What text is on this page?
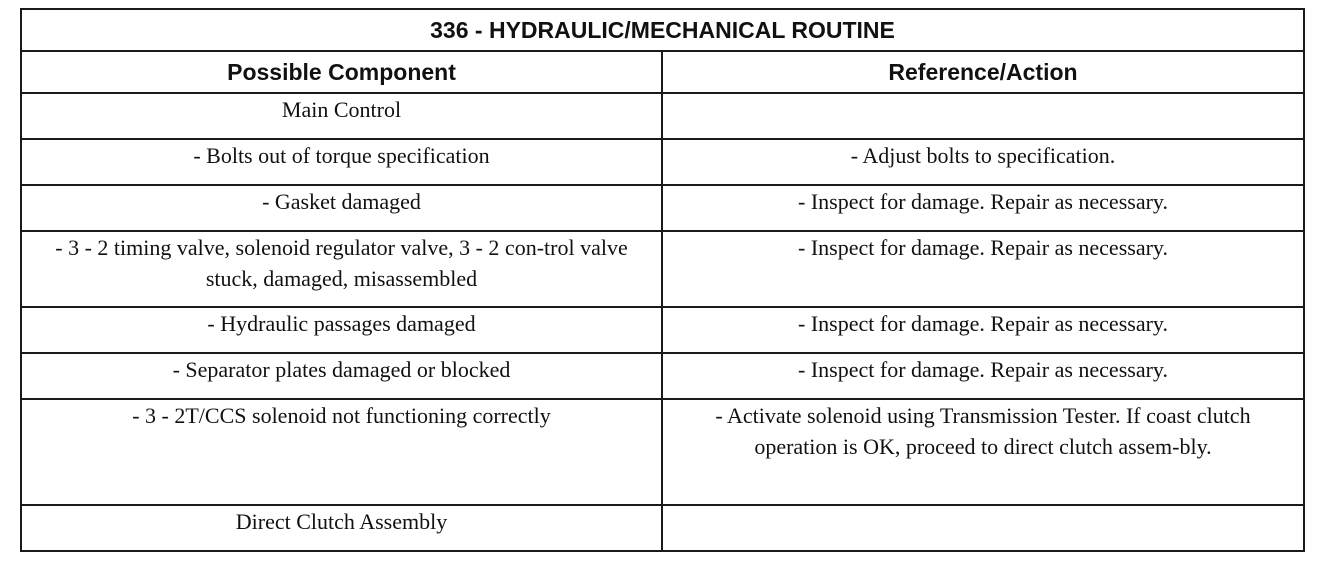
336 - HYDRAULIC/MECHANICAL ROUTINE	
Possible Component	Reference/Action

Main Control	

- Bolts out of torque specification	- Adjust bolts to specification.

- Gasket damaged	- Inspect for damage. Repair as necessary.

- 3 - 2 timing valve, solenoid regulator valve, 3 - 2 con-trol valve stuck, damaged, misassembled	- Inspect for damage. Repair as necessary.

- Hydraulic passages damaged	- Inspect for damage. Repair as necessary.

- Separator plates damaged or blocked	- Inspect for damage. Repair as necessary.

- 3 - 2T/CCS solenoid not functioning correctly	- Activate solenoid using Transmission Tester. If coast clutch operation is OK, proceed to direct clutch assem-bly.

Direct Clutch Assembly	
